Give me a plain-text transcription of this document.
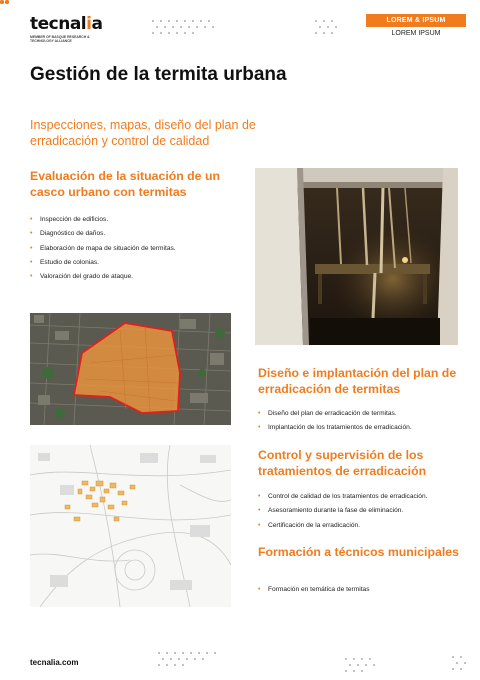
tecnalia
MEMBER OF BASQUE RESEARCH & TECHNOLOGY ALLIANCE
LOREM & IPSUM
LOREM IPSUM
Gestión de la termita urbana
Inspecciones, mapas, diseño del plan de erradicación y control de calidad
Evaluación de la situación de un casco urbano con termitas
• Inspección de edificios.
• Diagnóstico de daños.
• Elaboración de mapa de situación de termitas.
• Estudio de colonias.
• Valoración del grado de ataque.
Diseño e implantación del plan de erradicación de termitas
• Diseño del plan de erradicación de termitas.
• Implantación de los tratamientos de erradicación.
Control y supervisión de los tratamientos de erradicación
• Control de calidad de los tratamientos de erradicación.
• Asesoramiento durante la fase de eliminación.
• Certificación de la erradicación.
Formación a técnicos municipales
• Formación en temática de termitas
tecnalia.com
